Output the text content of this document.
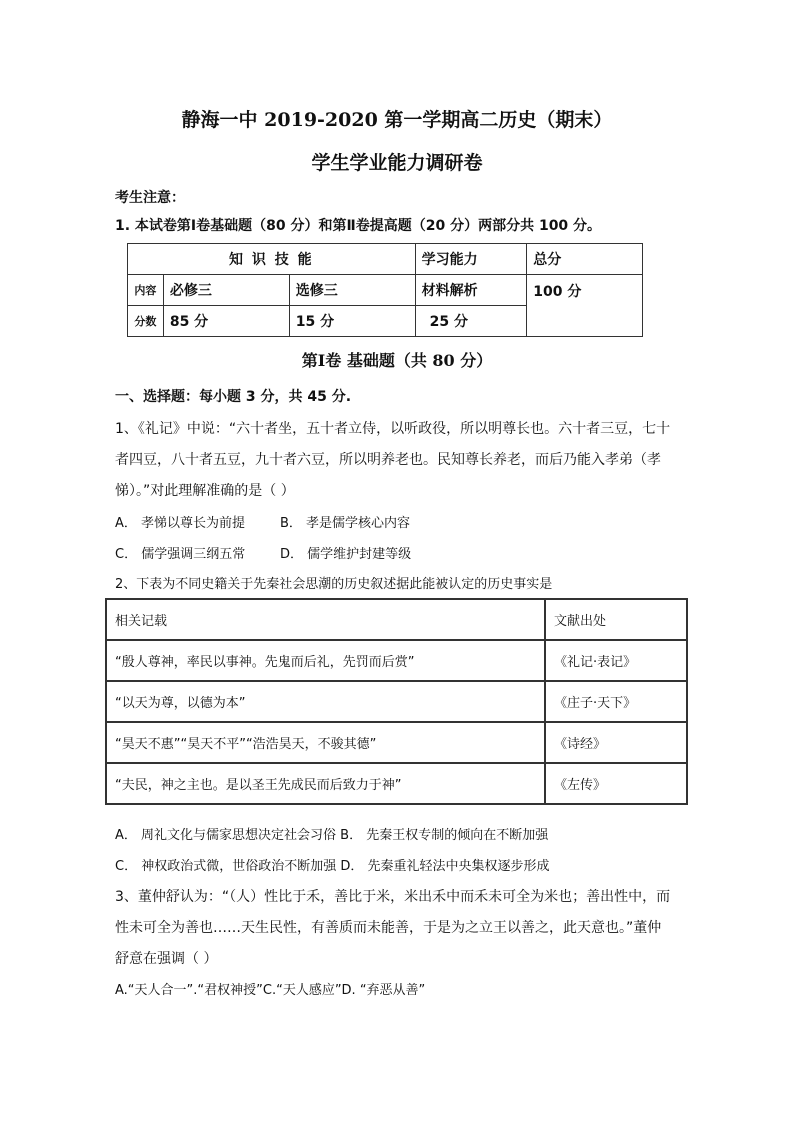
静海一中 2019-2020 第一学期高二历史（期末）
学生学业能力调研卷
考生注意：
1. 本试卷第Ⅰ卷基础题（80 分）和第Ⅱ卷提高题（20 分）两部分共 100 分。
知 识 技 能			学习能力	总分
内容	必修三	选修三	材料解析	100 分
分数	85 分	15 分	25 分	
第Ⅰ卷 基础题（共 80 分）
一、选择题：每小题 3 分，共 45 分.
1、《礼记》中说：“六十者坐，五十者立侍，以听政役，所以明尊长也。六十者三豆，七十
者四豆，八十者五豆，九十者六豆，所以明养老也。民知尊长养老，而后乃能入孝弟（孝
悌）。”对此理解准确的是（ ）
A． 孝悌以尊长为前提	B． 孝是儒学核心内容
C． 儒学强调三纲五常	D． 儒学维护封建等级
2、下表为不同史籍关于先秦社会思潮的历史叙述据此能被认定的历史事实是
相关记载	文献出处
“殷人尊神，率民以事神。先鬼而后礼，先罚而后赏”	《礼记·表记》
“以天为尊，以德为本”	《庄子·天下》
“昊天不惠”“昊天不平”“浩浩昊天，不骏其德”	《诗经》
“夫民，神之主也。是以圣王先成民而后致力于神”	《左传》
A． 周礼文化与儒家思想决定社会习俗 B． 先秦王权专制的倾向在不断加强
C． 神权政治式微，世俗政治不断加强 D． 先秦重礼轻法中央集权逐步形成
3、董仲舒认为：“（人）性比于禾，善比于米，米出禾中而禾未可全为米也；善出性中，而
性未可全为善也……天生民性，有善质而未能善，于是为之立王以善之，此天意也。”董仲
舒意在强调（ ）
A.“天人合一”.“君权神授”C.“天人感应”D. “弃恶从善”
